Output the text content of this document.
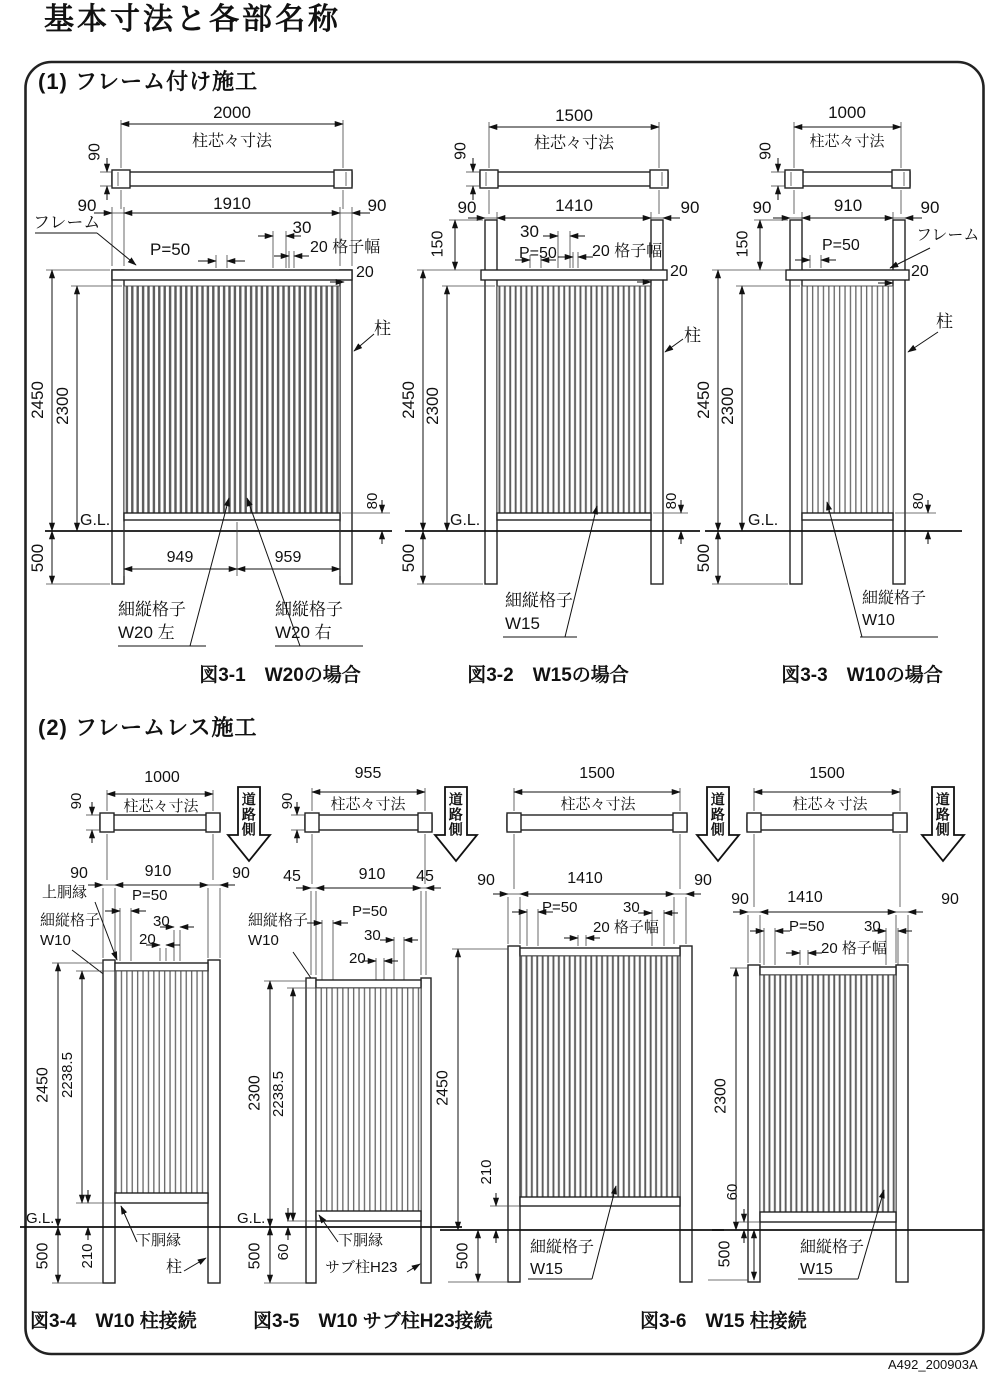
基本寸法と各部名称
(1) フレーム付け施工
(2) フレームレス施工
A492_200903A
2000
柱芯々寸法
90
90	1910	90
フレーム
P=50
30
20 格子幅
20
柱
2450 2300
G.L.
500	949	959
80
細縦格子
W20 左
細縦格子
W20 右
図3-1　W20の場合
1500
柱芯々寸法
90
90	1410	90
150	30
P=50 20 格子幅
20
柱
2450 2300
G.L.
500
80
細縦格子
W15
図3-2　W15の場合
1000
柱芯々寸法
90
90	910	90
150	P=50
フレーム
20
2450 2300
G.L.
500
80
柱
細縦格子
W10
図3-3　W10の場合
1000
柱芯々寸法
90	道路側
90	910	90
上胴縁	P=50
細縦格子
W10
30
20
2450 2238.5
G.L.
500 210
下胴縁
柱
図3-4　W10 柱接続
955
柱芯々寸法
90	道路側
45	910 45
P=50
30
20
細縦格子
W10
2300 2238.5
G.L.
500 60
下胴縁
サブ柱H23
図3-5　W10 サブ柱H23接続
1500
柱芯々寸法	道路側
90	1410	90
P=50	30
20 格子幅
2450
210
500	細縦格子
W15
1500
柱芯々寸法	道路側
90 1410	90
P=50	30
20 格子幅
2300
60
500	細縦格子
W15
図3-6　W15 柱接続
